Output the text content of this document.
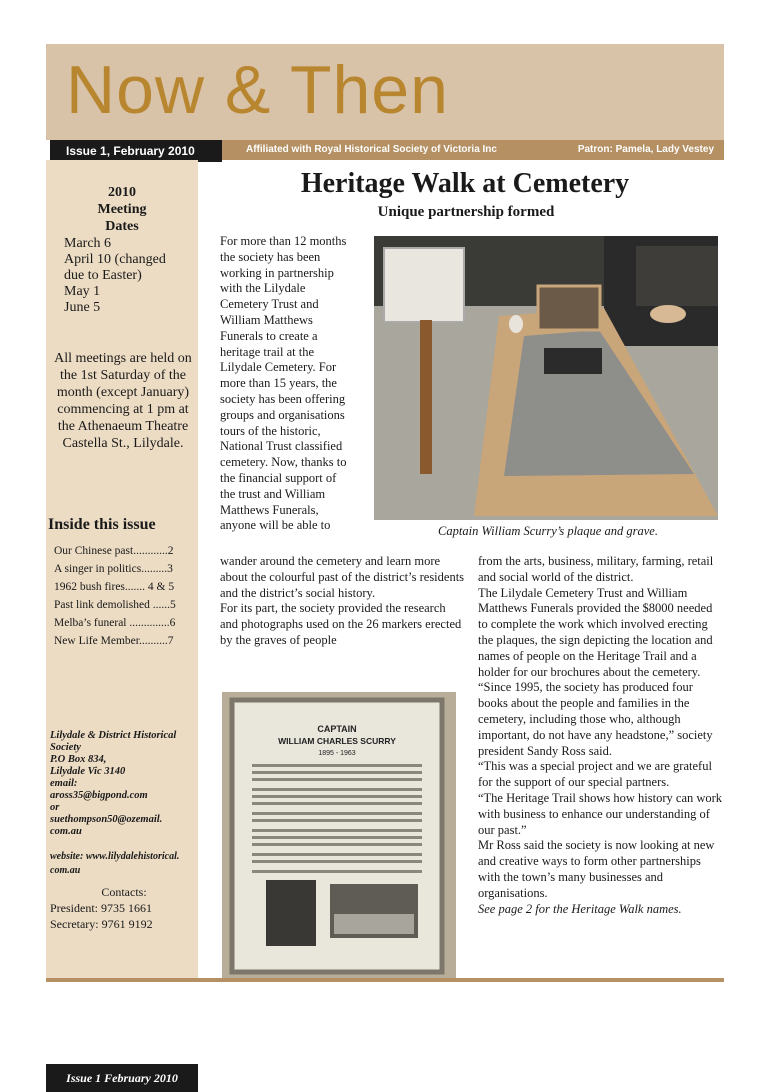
Now & Then
Issue 1, February 2010	Affiliated with Royal Historical Society of Victoria Inc	Patron: Pamela, Lady Vestey
2010
Meeting
Dates
March 6
April 10 (changed
due to Easter)
May 1
June 5
All meetings are held on the 1st Saturday of the month (except January) commencing at 1 pm at the Athenaeum Theatre Castella St., Lilydale.
Inside this issue
Our Chinese past............2
A singer in politics.........3
1962 bush fires....... 4 & 5
Past link demolished ......5
Melba’s funeral ..............6
New Life Member..........7
Lilydale & District Historical
Society
P.O Box 834,
Lilydale Vic 3140
email:
aross35@bigpond.com
or
suethompson50@ozemail.
com.au
website: www.lilydalehistorical.
com.au
Contacts:
President: 9735 1661
Secretary: 9761 9192
Issue 1 February 2010
Heritage Walk at Cemetery
Unique partnership formed
For more than 12 months the society has been working in partnership with the Lilydale Cemetery Trust and William Matthews Funerals to create a heritage trail at the Lilydale Cemetery. For more than 15 years, the society has been offering groups and organisations tours of the historic, National Trust classified cemetery. Now, thanks to the financial support of the trust and William Matthews Funerals, anyone will be able to	Captain William Scurry’s plaque and grave.

wander around the cemetery and learn more about the colourful past of the district’s residents and the district’s social history.

For its part, the society provided the research and photographs used on the 26 markers erected by the graves of people

CAPTAIN
WILLIAM CHARLES SCURRY
1895 - 1963

from the arts, business, military, farming, retail and social world of the district.

The Lilydale Cemetery Trust and William Matthews Funerals provided the $8000 needed to complete the work which involved erecting the plaques, the sign depicting the location and names of people on the Heritage Trail and a holder for our brochures about the cemetery.

“Since 1995, the society has produced four books about the people and families in the cemetery, including those who, although important, do not have any headstone,” society president Sandy Ross said.

“This was a special project and we are grateful for the support of our special partners.

“The Heritage Trail shows how history can work with business to enhance our understanding of our past.”

Mr Ross said the society is now looking at new and creative ways to form other partnerships with the town’s many businesses and organisations.

See page 2 for the Heritage Walk names.
